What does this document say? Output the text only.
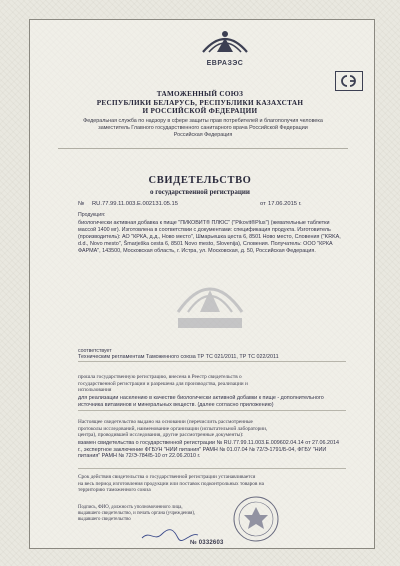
ЕВРАЗЭС
ТАМОЖЕННЫЙ СОЮЗ
РЕСПУБЛИКИ БЕЛАРУСЬ, РЕСПУБЛИКИ КАЗАХСТАН
И РОССИЙСКОЙ ФЕДЕРАЦИИ
Федеральная служба по надзору в сфере защиты прав потребителей и благополучия человека
заместитель Главного государственного санитарного врача Российской Федерации
Российская Федерация
СВИДЕТЕЛЬСТВО
о государственной регистрации
№ RU.77.99.11.003.Е.002131.05.15	от 17.06.2015 г.
Продукция:
биологически активная добавка к пище "ПИКОВИТ® ПЛЮС" ("Pikovit®Plus") (жевательные таблетки массой 1400 мг). Изготовлена в соответствии с документами: спецификация продукта. Изготовитель (производитель): АО "КРКА, д.д., Ново место", Шмарьешка цеста 6, 8501 Ново место, Словения ("KRKA, d.d., Novo mesto", Šmarješka cesta 6, 8501 Novo mesto, Slovenija), Словения. Получатель: ООО "КРКА ФАРМА", 143500, Московская область, г. Истра, ул. Московская, д. 50, Российская Федерация.
соответствует
Техническим регламентам Таможенного союза ТР ТС 021/2011, ТР ТС 022/2011
прошла государственную регистрацию, внесена в Реестр свидетельств о
государственной регистрации и разрешена для производства, реализации и
использования
для реализации населению в качестве биологически активной добавки к пище - дополнительного источника витаминов и минеральных веществ. (далее согласно приложению)
Настоящее свидетельство выдано на основании (перечислить рассмотренные
протоколы исследований, наименование организации (испытательной лаборатории,
центра), проводившей исследования, другие рассмотренные документы):
взамен свидетельства о государственной регистрации № RU.77.99.11.003.Е.009602.04.14 от 27.06.2014 г., экспертное заключение ФГБУН "НИИ питания" РАМН № 01.07.04 № 72/Э-1791/Б-04, ФГБУ "НИИ питания" РАМН № 72/Э-784/Б-10 от 22.06.2010 г.
Срок действия свидетельства о государственной регистрации устанавливается
на весь период изготовления продукции или поставок подконтрольных товаров на
территорию таможенного союза
Подпись, ФИО, должность уполномоченного лица,
выдавшего свидетельство, и печать органа (учреждения),
выдавшего свидетельство
№ 0332603
